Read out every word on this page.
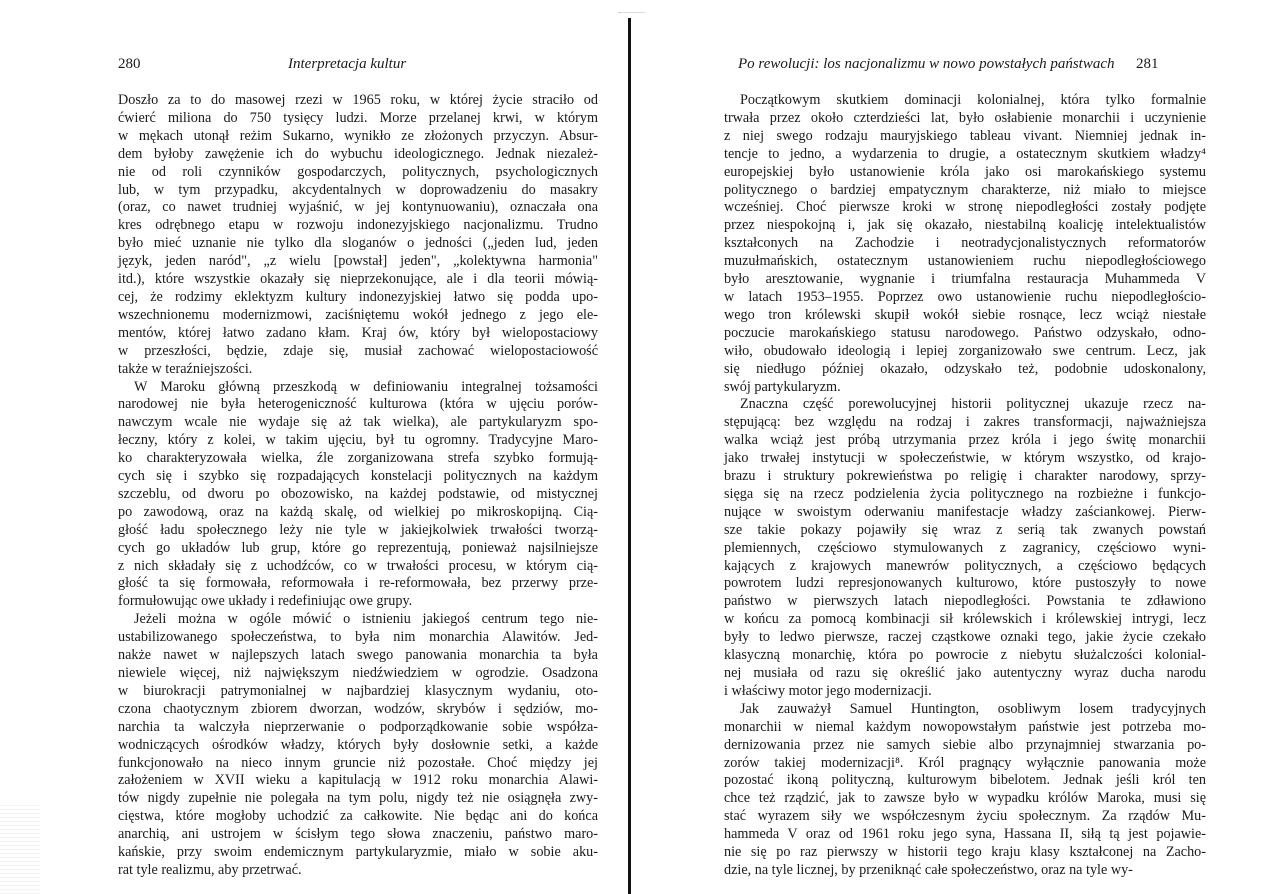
280	Interpretacja kultur
Doszło za to do masowej rzezi w 1965 roku, w której życie straciło od
ćwierć miliona do 750 tysięcy ludzi. Morze przelanej krwi, w którym
w mękach utonął reżim Sukarno, wynikło ze złożonych przyczyn. Absur-
dem byłoby zawężenie ich do wybuchu ideologicznego. Jednak niezależ-
nie od roli czynników gospodarczych, politycznych, psychologicznych
lub, w tym przypadku, akcydentalnych w doprowadzeniu do masakry
(oraz, co nawet trudniej wyjaśnić, w jej kontynuowaniu), oznaczała ona
kres odrębnego etapu w rozwoju indonezyjskiego nacjonalizmu. Trudno
było mieć uznanie nie tylko dla sloganów o jedności („jeden lud, jeden
język, jeden naród", „z wielu [powstał] jeden", „kolektywna harmonia"
itd.), które wszystkie okazały się nieprzekonujące, ale i dla teorii mówią-
cej, że rodzimy eklektyzm kultury indonezyjskiej łatwo się podda upo-
wszechnionemu modernizmowi, zaciśniętemu wokół jednego z jego ele-
mentów, której łatwo zadano kłam. Kraj ów, który był wielopostaciowy
w przeszłości, będzie, zdaje się, musiał zachować wielopostaciowość
także w teraźniejszości.
W Maroku główną przeszkodą w definiowaniu integralnej tożsamości
narodowej nie była heterogeniczność kulturowa (która w ujęciu porów-
nawczym wcale nie wydaje się aż tak wielka), ale partykularyzm spo-
łeczny, który z kolei, w takim ujęciu, był tu ogromny. Tradycyjne Maro-
ko charakteryzowała wielka, źle zorganizowana strefa szybko formują-
cych się i szybko się rozpadających konstelacji politycznych na każdym
szczeblu, od dworu po obozowisko, na każdej podstawie, od mistycznej
po zawodową, oraz na każdą skalę, od wielkiej po mikroskopijną. Cią-
głość ładu społecznego leży nie tyle w jakiejkolwiek trwałości tworzą-
cych go układów lub grup, które go reprezentują, ponieważ najsilniejsze
z nich składały się z uchodźców, co w trwałości procesu, w którym cią-
głość ta się formowała, reformowała i re-reformowała, bez przerwy prze-
formułowując owe układy i redefiniując owe grupy.
Jeżeli można w ogóle mówić o istnieniu jakiegoś centrum tego nie-
ustabilizowanego społeczeństwa, to była nim monarchia Alawitów. Jed-
nakże nawet w najlepszych latach swego panowania monarchia ta była
niewiele więcej, niż największym niedźwiedziem w ogrodzie. Osadzona
w biurokracji patrymonialnej w najbardziej klasycznym wydaniu, oto-
czona chaotycznym zbiorem dworzan, wodzów, skrybów i sędziów, mo-
narchia ta walczyła nieprzerwanie o podporządkowanie sobie współza-
wodniczących ośrodków władzy, których były dosłownie setki, a każde
funkcjonowało na nieco innym gruncie niż pozostałe. Choć między jej
założeniem w XVII wieku a kapitulacją w 1912 roku monarchia Alawi-
tów nigdy zupełnie nie polegała na tym polu, nigdy też nie osiągnęła zwy-
cięstwa, które mogłoby uchodzić za całkowite. Nie będąc ani do końca
anarchią, ani ustrojem w ścisłym tego słowa znaczeniu, państwo maro-
kańskie, przy swoim endemicznym partykularyzmie, miało w sobie aku-
rat tyle realizmu, aby przetrwać.
Po rewolucji: los nacjonalizmu w nowo powstałych państwach 281
Początkowym skutkiem dominacji kolonialnej, która tylko formalnie
trwała przez około czterdzieści lat, było osłabienie monarchii i uczynienie
z niej swego rodzaju mauryjskiego tableau vivant. Niemniej jednak in-
tencje to jedno, a wydarzenia to drugie, a ostatecznym skutkiem władzy⁴
europejskiej było ustanowienie króla jako osi marokańskiego systemu
politycznego o bardziej empatycznym charakterze, niż miało to miejsce
wcześniej. Choć pierwsze kroki w stronę niepodległości zostały podjęte
przez niespokojną i, jak się okazało, niestabilną koalicję intelektualistów
kształconych na Zachodzie i neotradycjonalistycznych reformatorów
muzułmańskich, ostatecznym ustanowieniem ruchu niepodległościowego
było aresztowanie, wygnanie i triumfalna restauracja Muhammeda V
w latach 1953–1955. Poprzez owo ustanowienie ruchu niepodległościo-
wego tron królewski skupił wokół siebie rosnące, lecz wciąż niestałe
poczucie marokańskiego statusu narodowego. Państwo odzyskało, odno-
wiło, obudowało ideologią i lepiej zorganizowało swe centrum. Lecz, jak
się niedługo później okazało, odzyskało też, podobnie udoskonalony,
swój partykularyzm.
Znaczna część porewolucyjnej historii politycznej ukazuje rzecz na-
stępującą: bez względu na rodzaj i zakres transformacji, najważniejsza
walka wciąż jest próbą utrzymania przez króla i jego świtę monarchii
jako trwałej instytucji w społeczeństwie, w którym wszystko, od krajo-
brazu i struktury pokrewieństwa po religię i charakter narodowy, sprzy-
sięga się na rzecz podzielenia życia politycznego na rozbieżne i funkcjo-
nujące w swoistym oderwaniu manifestacje władzy zaściankowej. Pierw-
sze takie pokazy pojawiły się wraz z serią tak zwanych powstań
plemiennych, częściowo stymulowanych z zagranicy, częściowo wyni-
kających z krajowych manewrów politycznych, a częściowo będących
powrotem ludzi represjonowanych kulturowo, które pustoszyły to nowe
państwo w pierwszych latach niepodległości. Powstania te zdławiono
w końcu za pomocą kombinacji sił królewskich i królewskiej intrygi, lecz
były to ledwo pierwsze, raczej cząstkowe oznaki tego, jakie życie czekało
klasyczną monarchię, która po powrocie z niebytu służalczości kolonial-
nej musiała od razu się określić jako autentyczny wyraz ducha narodu
i właściwy motor jego modernizacji.
Jak zauważył Samuel Huntington, osobliwym losem tradycyjnych
monarchii w niemal każdym nowopowstałym państwie jest potrzeba mo-
dernizowania przez nie samych siebie albo przynajmniej stwarzania po-
zorów takiej modernizacji⁸. Król pragnący wyłącznie panowania może
pozostać ikoną polityczną, kulturowym bibelotem. Jednak jeśli król ten
chce też rządzić, jak to zawsze było w wypadku królów Maroka, musi się
stać wyrazem siły we współczesnym życiu społecznym. Za rządów Mu-
hammeda V oraz od 1961 roku jego syna, Hassana II, siłą tą jest pojawie-
nie się po raz pierwszy w historii tego kraju klasy kształconej na Zacho-
dzie, na tyle licznej, by przeniknąć całe społeczeństwo, oraz na tyle wy-
